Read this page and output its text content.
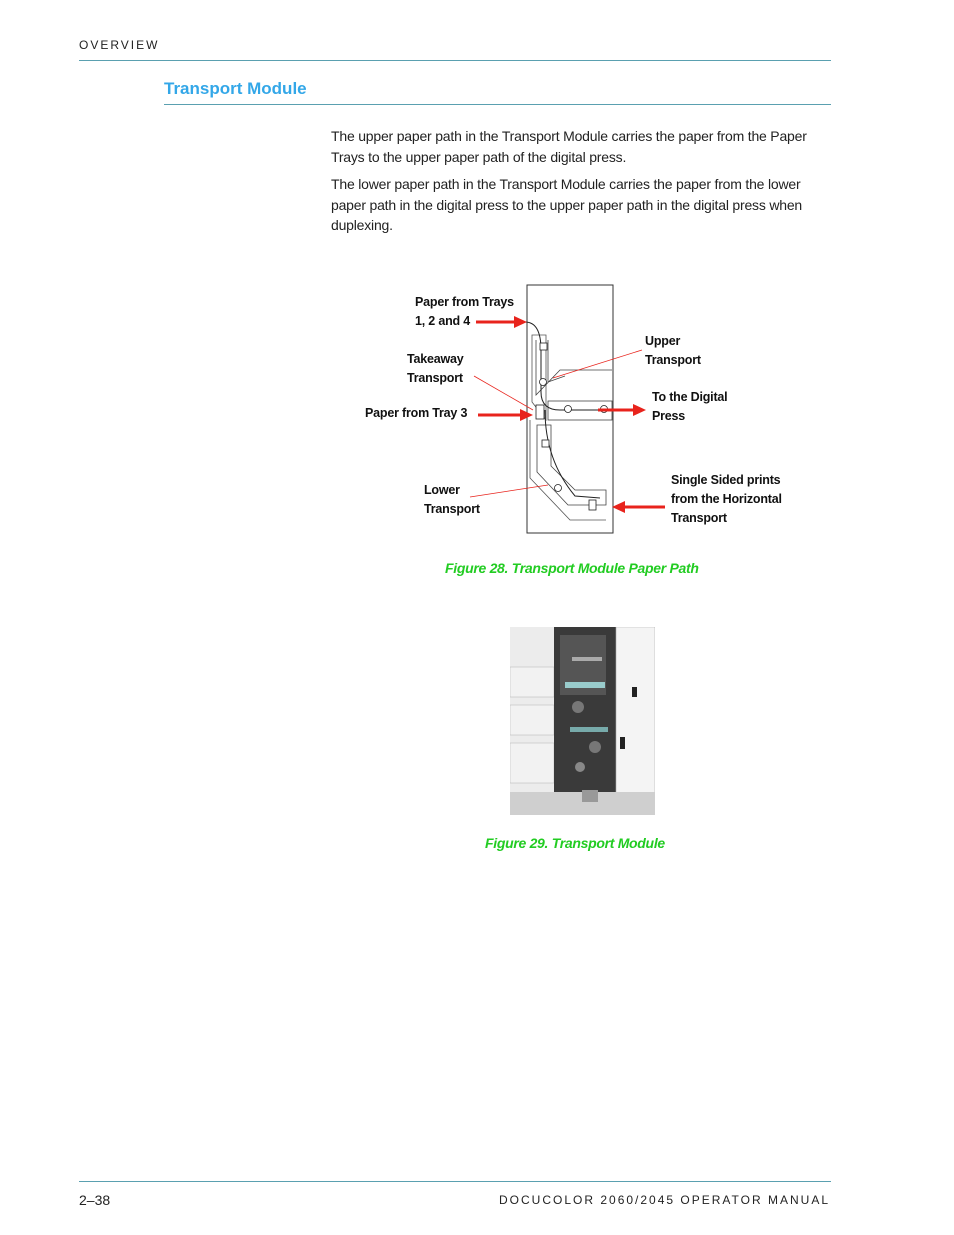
OVERVIEW
Transport Module

The upper paper path in the Transport Module carries the paper from the Paper Trays to the upper paper path of the digital press.

The lower paper path in the Transport Module carries the paper from the lower paper path in the digital press to the upper paper path in the digital press when duplexing.

Paper from Trays
1, 2 and 4
Takeaway
Transport
Paper from Tray 3
Lower
Transport
Upper
Transport
To the Digital
Press
Single Sided prints
from the Horizontal
Transport
Figure 28. Transport Module Paper Path
Figure 29. Transport Module
2–38	DOCUCOLOR 2060/2045 OPERATOR MANUAL
